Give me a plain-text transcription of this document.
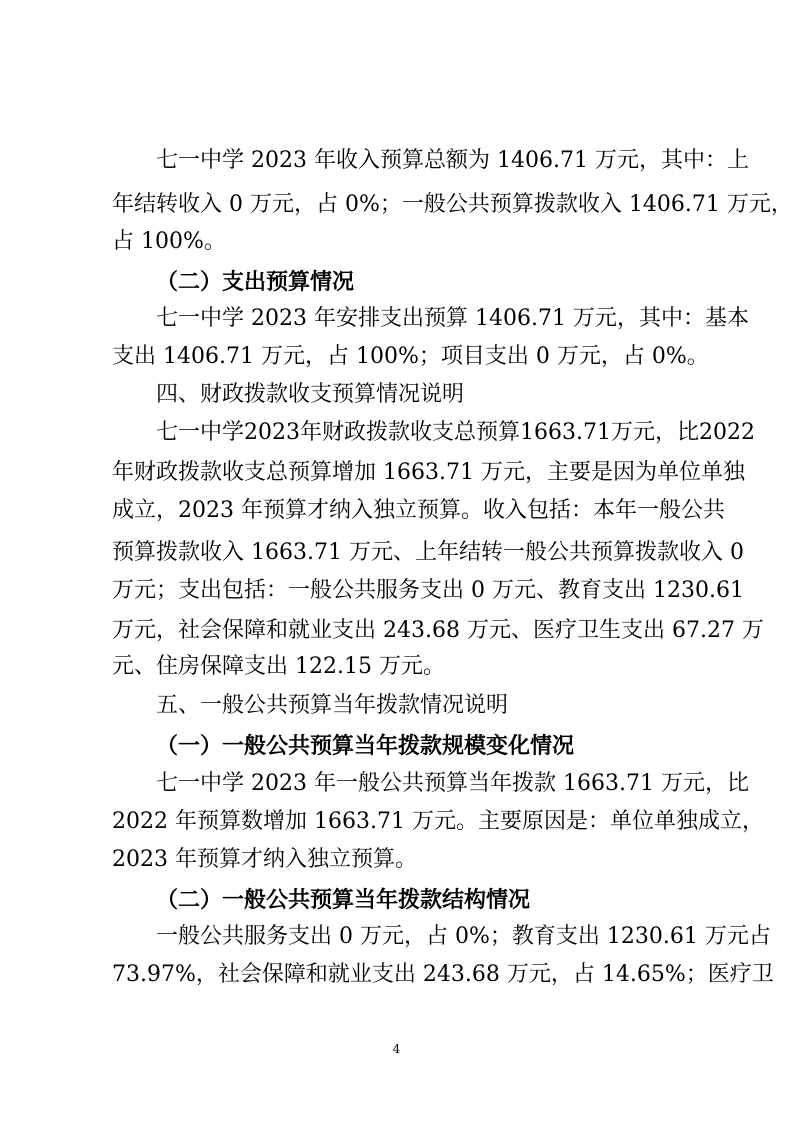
七一中学 2023 年收入预算总额为 1406.71 万元，其中：上
年结转收入 0 万元，占 0%；一般公共预算拨款收入 1406.71 万元，
占 100%。
（二）支出预算情况
七一中学 2023 年安排支出预算 1406.71 万元，其中：基本
支出 1406.71 万元，占 100%；项目支出 0 万元，占 0%。
四、财政拨款收支预算情况说明
七一中学2023年财政拨款收支总预算1663.71万元，比2022
年财政拨款收支总预算增加 1663.71 万元，主要是因为单位单独
成立，2023 年预算才纳入独立预算。收入包括：本年一般公共
预算拨款收入 1663.71 万元、上年结转一般公共预算拨款收入 0
万元；支出包括：一般公共服务支出 0 万元、教育支出 1230.61
万元，社会保障和就业支出 243.68 万元、医疗卫生支出 67.27 万
元、住房保障支出 122.15 万元。
五、一般公共预算当年拨款情况说明
（一）一般公共预算当年拨款规模变化情况
七一中学 2023 年一般公共预算当年拨款 1663.71 万元，比
2022 年预算数增加 1663.71 万元。主要原因是：单位单独成立，
2023 年预算才纳入独立预算。
（二）一般公共预算当年拨款结构情况
一般公共服务支出 0 万元，占 0%；教育支出 1230.61 万元占
73.97%，社会保障和就业支出 243.68 万元，占 14.65%；医疗卫
4
